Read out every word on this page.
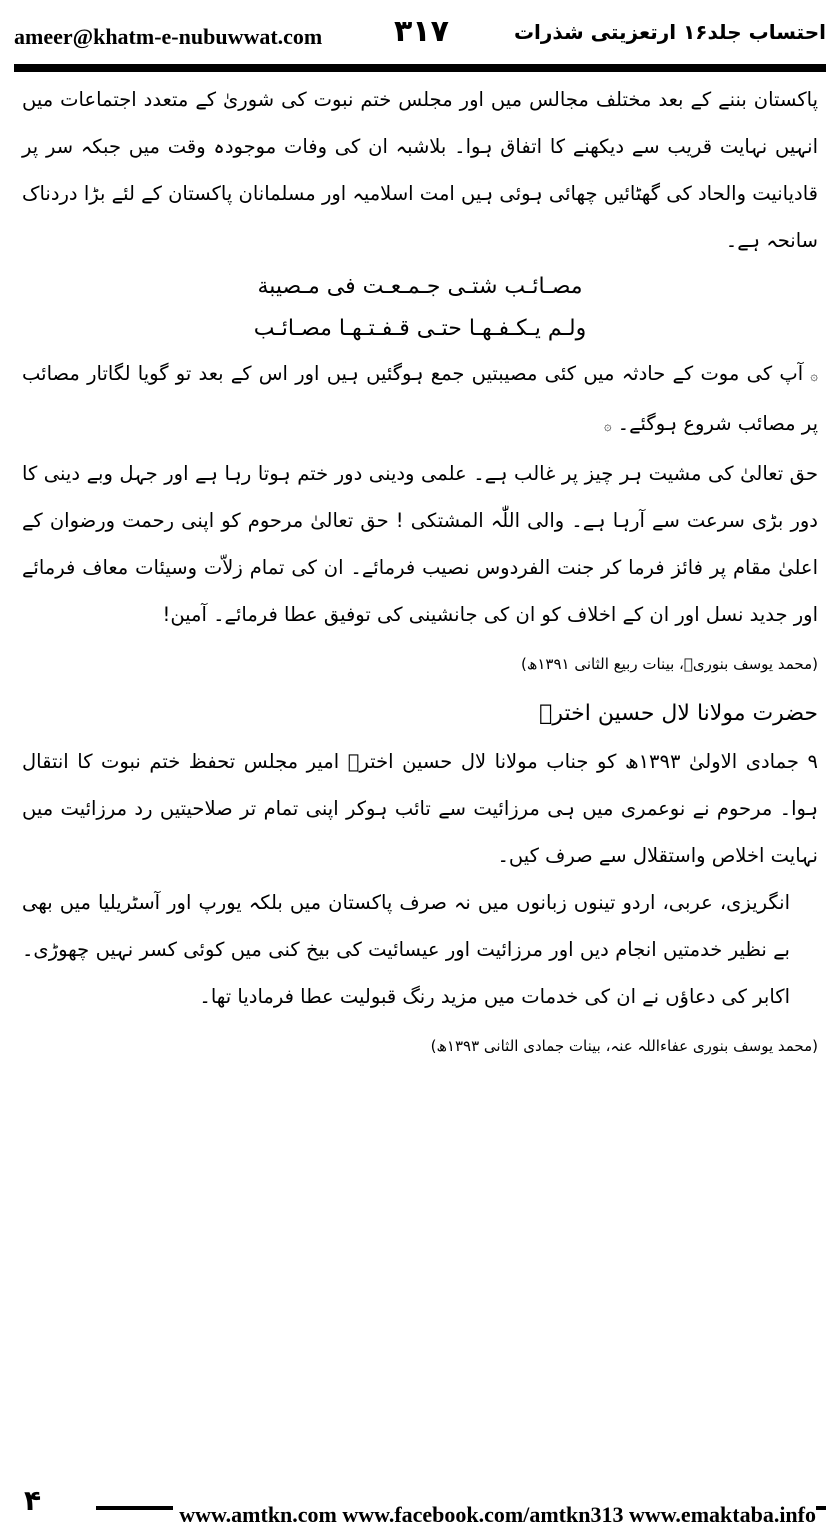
ameer@khatm-e-nubuwwat.com ۳۱۷	احتساب جلد۱۶ ارتعزیتی شذرات

پاکستان بننے کے بعد مختلف مجالس میں اور مجلس ختم نبوت کی شوریٰ کے متعدد اجتماعات میں انہیں نہایت قریب سے دیکھنے کا اتفاق ہوا۔ بلاشبہ ان کی وفات موجودہ وقت میں جبکہ سر پر قادیانیت والحاد کی گھٹائیں چھائی ہوئی ہیں امت اسلامیہ اور مسلمانان پاکستان کے لئے بڑا دردناک سانحہ ہے۔

مصـائـب شتـى جـمـعـت فى مـصيبة

ولـم يـكـفـهـا حتـى قـفـتـهـا مصـائـب

۞ آپ کی موت کے حادثہ میں کئی مصیبتیں جمع ہوگئیں ہیں اور اس کے بعد تو گویا لگاتار مصائب پر مصائب شروع ہوگئے۔ ۞

حق تعالیٰ کی مشیت ہر چیز پر غالب ہے۔ علمی ودینی دور ختم ہوتا رہا ہے اور جہل وبے دینی کا دور بڑی سرعت سے آرہا ہے۔ والی اللّٰہ المشتکی ! حق تعالیٰ مرحوم کو اپنی رحمت ورضوان کے اعلیٰ مقام پر فائز فرما کر جنت الفردوس نصیب فرمائے۔ ان کی تمام زلاّت وسیئات معاف فرمائے اور جدید نسل اور ان کے اخلاف کو ان کی جانشینی کی توفیق عطا فرمائے۔ آمین!

(محمد یوسف بنوریؒ، بینات ربیع الثانی ۱۳۹۱ھ)

حضرت مولانا لال حسین اخترؒ

۹ جمادی الاولیٰ ۱۳۹۳ھ کو جناب مولانا لال حسین اخترؒ امیر مجلس تحفظ ختم نبوت کا انتقال ہوا۔ مرحوم نے نوعمری میں ہی مرزائیت سے تائب ہوکر اپنی تمام تر صلاحیتیں رد مرزائیت میں نہایت اخلاص واستقلال سے صرف کیں۔

انگریزی، عربی، اردو تینوں زبانوں میں نہ صرف پاکستان میں بلکہ یورپ اور آسٹریلیا میں بھی بے نظیر خدمتیں انجام دیں اور مرزائیت اور عیسائیت کی بیخ کنی میں کوئی کسر نہیں چھوڑی۔ اکابر کی دعاؤں نے ان کی خدمات میں مزید رنگ قبولیت عطا فرمادیا تھا۔

(محمد یوسف بنوری عفاءاللہ عنہ، بینات جمادی الثانی ۱۳۹۳ھ)

۴	www.amtkn.com www.facebook.com/amtkn313 www.emaktaba.info
